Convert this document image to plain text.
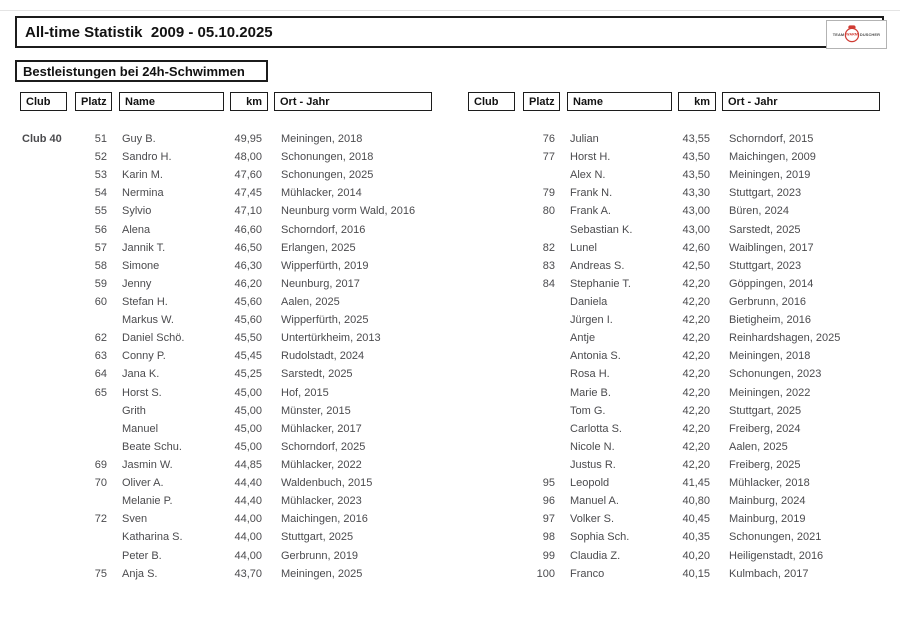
All-time Statistik  2009 - 05.10.2025	TEAM WARM DUSCHER
Bestleistungen bei 24h-Schwimmen
Club	Platz	Name	km	Ort - Jahr
Club 40	51 Guy B.	49,95 Meiningen, 2018
52 Sandro H.	48,00 Schonungen, 2018
53 Karin M.	47,60 Schonungen, 2025
54 Nermina	47,45 Mühlacker, 2014
55 Sylvio	47,10 Neunburg vorm Wald, 2016
56 Alena	46,60 Schorndorf, 2016
57 Jannik T.	46,50 Erlangen, 2025
58 Simone	46,30 Wipperfürth, 2019
59 Jenny	46,20 Neunburg, 2017
60 Stefan H.	45,60 Aalen, 2025
Markus W.	45,60 Wipperfürth, 2025
62 Daniel Schö.	45,50 Untertürkheim, 2013
63 Conny P.	45,45 Rudolstadt, 2024
64 Jana K.	45,25 Sarstedt, 2025
65 Horst S.	45,00 Hof, 2015
Grith	45,00 Münster, 2015
Manuel	45,00 Mühlacker, 2017
Beate Schu.	45,00 Schorndorf, 2025
69 Jasmin W.	44,85 Mühlacker, 2022
70 Oliver A.	44,40 Waldenbuch, 2015
Melanie P.	44,40 Mühlacker, 2023
72 Sven	44,00 Maichingen, 2016
Katharina S.	44,00 Stuttgart, 2025
Peter B.	44,00 Gerbrunn, 2019
75 Anja S.	43,70 Meiningen, 2025
Club	Platz	Name	km	Ort - Jahr
76 Julian	43,55 Schorndorf, 2015
77 Horst H.	43,50 Maichingen, 2009
Alex N.	43,50 Meiningen, 2019
79 Frank N.	43,30 Stuttgart, 2023
80 Frank A.	43,00 Büren, 2024
Sebastian K.	43,00 Sarstedt, 2025
82 Lunel	42,60 Waiblingen, 2017
83 Andreas S.	42,50 Stuttgart, 2023
84 Stephanie T.	42,20 Göppingen, 2014
Daniela	42,20 Gerbrunn, 2016
Jürgen I.	42,20 Bietigheim, 2016
Antje	42,20 Reinhardshagen, 2025
Antonia S.	42,20 Meiningen, 2018
Rosa H.	42,20 Schonungen, 2023
Marie B.	42,20 Meiningen, 2022
Tom G.	42,20 Stuttgart, 2025
Carlotta S.	42,20 Freiberg, 2024
Nicole N.	42,20 Aalen, 2025
Justus R.	42,20 Freiberg, 2025
95 Leopold	41,45 Mühlacker, 2018
96 Manuel A.	40,80 Mainburg, 2024
97 Volker S.	40,45 Mainburg, 2019
98 Sophia Sch.	40,35 Schonungen, 2021
99 Claudia Z.	40,20 Heiligenstadt, 2016
100 Franco	40,15 Kulmbach, 2017
